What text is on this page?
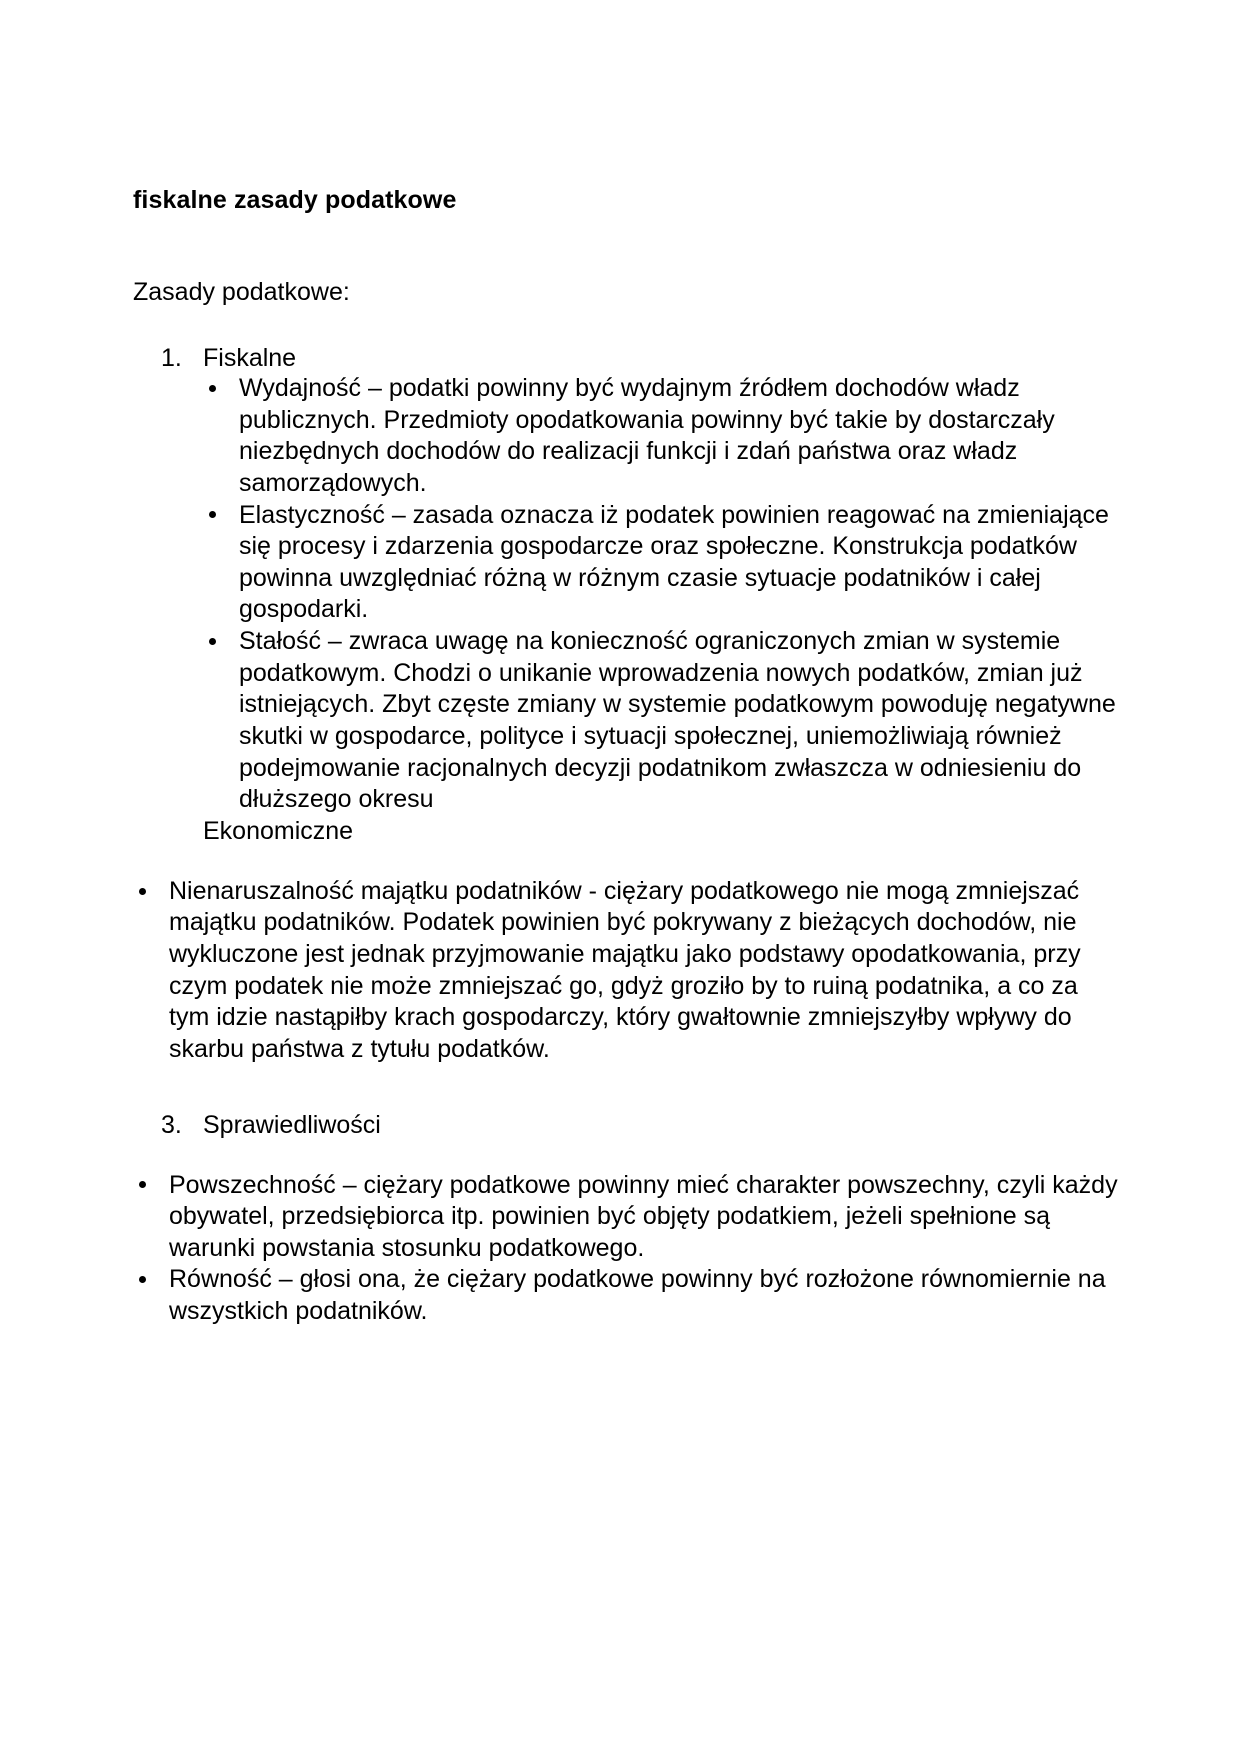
fiskalne zasady podatkowe

Zasady podatkowe:

1. Fiskalne
Wydajność – podatki powinny być wydajnym źródłem dochodów władz publicznych. Przedmioty opodatkowania powinny być takie by dostarczały niezbędnych dochodów do realizacji funkcji i zdań państwa oraz władz samorządowych.
Elastyczność – zasada oznacza iż podatek powinien reagować na zmieniające się procesy i zdarzenia gospodarcze oraz społeczne. Konstrukcja podatków powinna uwzględniać różną w różnym czasie sytuacje podatników i całej gospodarki.
Stałość – zwraca uwagę na konieczność ograniczonych zmian w systemie podatkowym. Chodzi o unikanie wprowadzenia nowych podatków, zmian już istniejących. Zbyt częste zmiany w systemie podatkowym powoduję negatywne skutki w gospodarce, polityce i sytuacji społecznej, uniemożliwiają również podejmowanie racjonalnych decyzji podatnikom zwłaszcza w odniesieniu do dłuższego okresu
Ekonomiczne
Nienaruszalność majątku podatników - ciężary podatkowego nie mogą zmniejszać majątku podatników. Podatek powinien być pokrywany z bieżących dochodów, nie wykluczone jest jednak przyjmowanie majątku jako podstawy opodatkowania, przy czym podatek nie może zmniejszać go, gdyż groziło by to ruiną podatnika, a co za tym idzie nastąpiłby krach gospodarczy, który gwałtownie zmniejszyłby wpływy do skarbu państwa z tytułu podatków.
3. Sprawiedliwości
Powszechność – ciężary podatkowe powinny mieć charakter powszechny, czyli każdy obywatel, przedsiębiorca itp. powinien być objęty podatkiem, jeżeli spełnione są warunki powstania stosunku podatkowego.
Równość – głosi ona, że ciężary podatkowe powinny być rozłożone równomiernie na wszystkich podatników.
